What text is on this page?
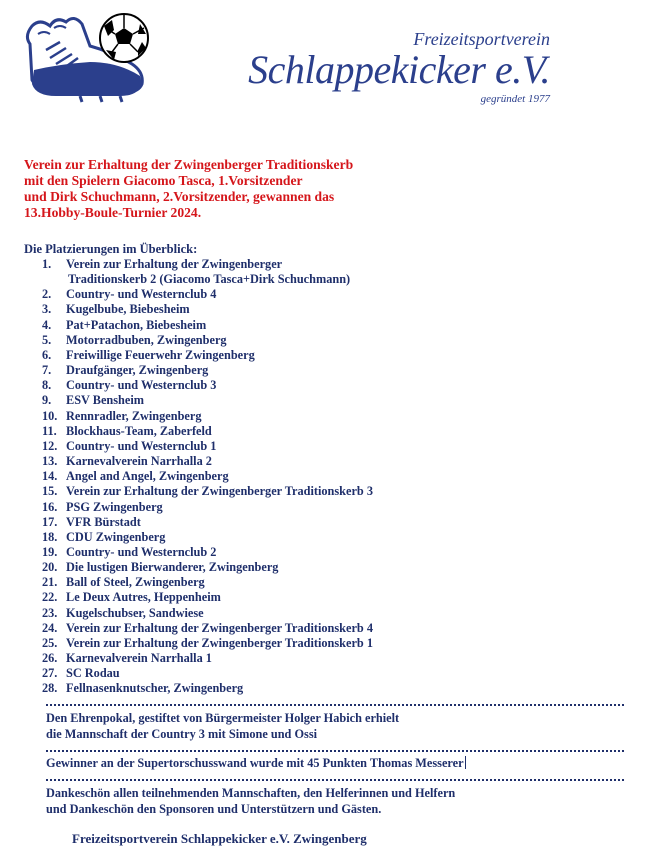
Freizeitsportverein
Schlappekicker e.V.
gegründet 1977
Verein zur Erhaltung der Zwingenberger Traditionskerb
mit den Spielern Giacomo Tasca, 1.Vorsitzender
und Dirk Schuchmann, 2.Vorsitzender, gewannen das
13.Hobby-Boule-Turnier 2024.
Die Platzierungen im Überblick:
1.	Verein zur Erhaltung der Zwingenberger
Traditionskerb 2 (Giacomo Tasca+Dirk Schuchmann)
2.	Country- und Westernclub 4
3.	Kugelbube, Biebesheim
4.	Pat+Patachon, Biebesheim
5.	Motorradbuben, Zwingenberg
6.	Freiwillige Feuerwehr Zwingenberg
7.	Draufgänger, Zwingenberg
8.	Country- und Westernclub 3
9.	ESV Bensheim
10. Rennradler, Zwingenberg
11. Blockhaus-Team, Zaberfeld
12. Country- und Westernclub 1
13. Karnevalverein Narrhalla 2
14. Angel and Angel, Zwingenberg
15. Verein zur Erhaltung der Zwingenberger Traditionskerb 3
16. PSG Zwingenberg
17. VFR Bürstadt
18. CDU Zwingenberg
19. Country- und Westernclub 2
20. Die lustigen Bierwanderer, Zwingenberg
21. Ball of Steel, Zwingenberg
22. Le Deux Autres, Heppenheim
23. Kugelschubser, Sandwiese
24. Verein zur Erhaltung der Zwingenberger Traditionskerb 4
25. Verein zur Erhaltung der Zwingenberger Traditionskerb 1
26. Karnevalverein Narrhalla 1
27. SC Rodau
28. Fellnasenknutscher, Zwingenberg
Den Ehrenpokal, gestiftet von Bürgermeister Holger Habich erhielt
die Mannschaft der Country 3 mit Simone und Ossi
Gewinner an der Supertorschusswand wurde mit 45 Punkten Thomas Messerer
Dankeschön allen teilnehmenden Mannschaften, den Helferinnen und Helfern
und Dankeschön den Sponsoren und Unterstützern und Gästen.
Freizeitsportverein Schlappekicker e.V. Zwingenberg
